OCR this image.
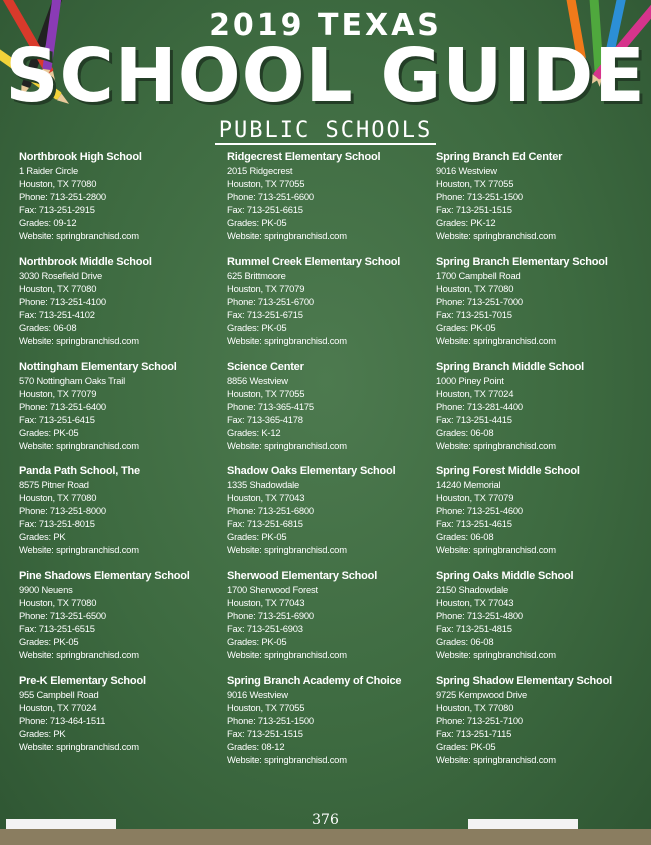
2019 TEXAS
SCHOOL GUIDE
PUBLIC SCHOOLS
Northbrook High School
1 Raider Circle
Houston, TX 77080
Phone: 713-251-2800
Fax: 713-251-2915
Grades: 09-12
Website: springbranchisd.com
Northbrook Middle School
3030 Rosefield Drive
Houston, TX 77080
Phone: 713-251-4100
Fax: 713-251-4102
Grades: 06-08
Website: springbranchisd.com
Nottingham Elementary School
570 Nottingham Oaks Trail
Houston, TX 77079
Phone: 713-251-6400
Fax: 713-251-6415
Grades: PK-05
Website: springbranchisd.com
Panda Path School, The
8575 Pitner Road
Houston, TX 77080
Phone: 713-251-8000
Fax: 713-251-8015
Grades: PK
Website: springbranchisd.com
Pine Shadows Elementary School
9900 Neuens
Houston, TX 77080
Phone: 713-251-6500
Fax: 713-251-6515
Grades: PK-05
Website: springbranchisd.com
Pre-K Elementary School
955 Campbell Road
Houston, TX 77024
Phone: 713-464-1511
Grades: PK
Website: springbranchisd.com
Ridgecrest Elementary School
2015 Ridgecrest
Houston, TX 77055
Phone: 713-251-6600
Fax: 713-251-6615
Grades: PK-05
Website: springbranchisd.com
Rummel Creek Elementary School
625 Brittmoore
Houston, TX 77079
Phone: 713-251-6700
Fax: 713-251-6715
Grades: PK-05
Website: springbranchisd.com
Science Center
8856 Westview
Houston, TX 77055
Phone: 713-365-4175
Fax: 713-365-4178
Grades: K-12
Website: springbranchisd.com
Shadow Oaks Elementary School
1335 Shadowdale
Houston, TX 77043
Phone: 713-251-6800
Fax: 713-251-6815
Grades: PK-05
Website: springbranchisd.com
Sherwood Elementary School
1700 Sherwood Forest
Houston, TX 77043
Phone: 713-251-6900
Fax: 713-251-6903
Grades: PK-05
Website: springbranchisd.com
Spring Branch Academy of Choice
9016 Westview
Houston, TX 77055
Phone: 713-251-1500
Fax: 713-251-1515
Grades: 08-12
Website: springbranchisd.com
Spring Branch Ed Center
9016 Westview
Houston, TX 77055
Phone: 713-251-1500
Fax: 713-251-1515
Grades: PK-12
Website: springbranchisd.com
Spring Branch Elementary School
1700 Campbell Road
Houston, TX 77080
Phone: 713-251-7000
Fax: 713-251-7015
Grades: PK-05
Website: springbranchisd.com
Spring Branch Middle School
1000 Piney Point
Houston, TX 77024
Phone: 713-281-4400
Fax: 713-251-4415
Grades: 06-08
Website: springbranchisd.com
Spring Forest Middle School
14240 Memorial
Houston, TX 77079
Phone: 713-251-4600
Fax: 713-251-4615
Grades: 06-08
Website: springbranchisd.com
Spring Oaks Middle School
2150 Shadowdale
Houston, TX 77043
Phone: 713-251-4800
Fax: 713-251-4815
Grades: 06-08
Website: springbranchisd.com
Spring Shadow Elementary School
9725 Kempwood Drive
Houston, TX 77080
Phone: 713-251-7100
Fax: 713-251-7115
Grades: PK-05
Website: springbranchisd.com
376
